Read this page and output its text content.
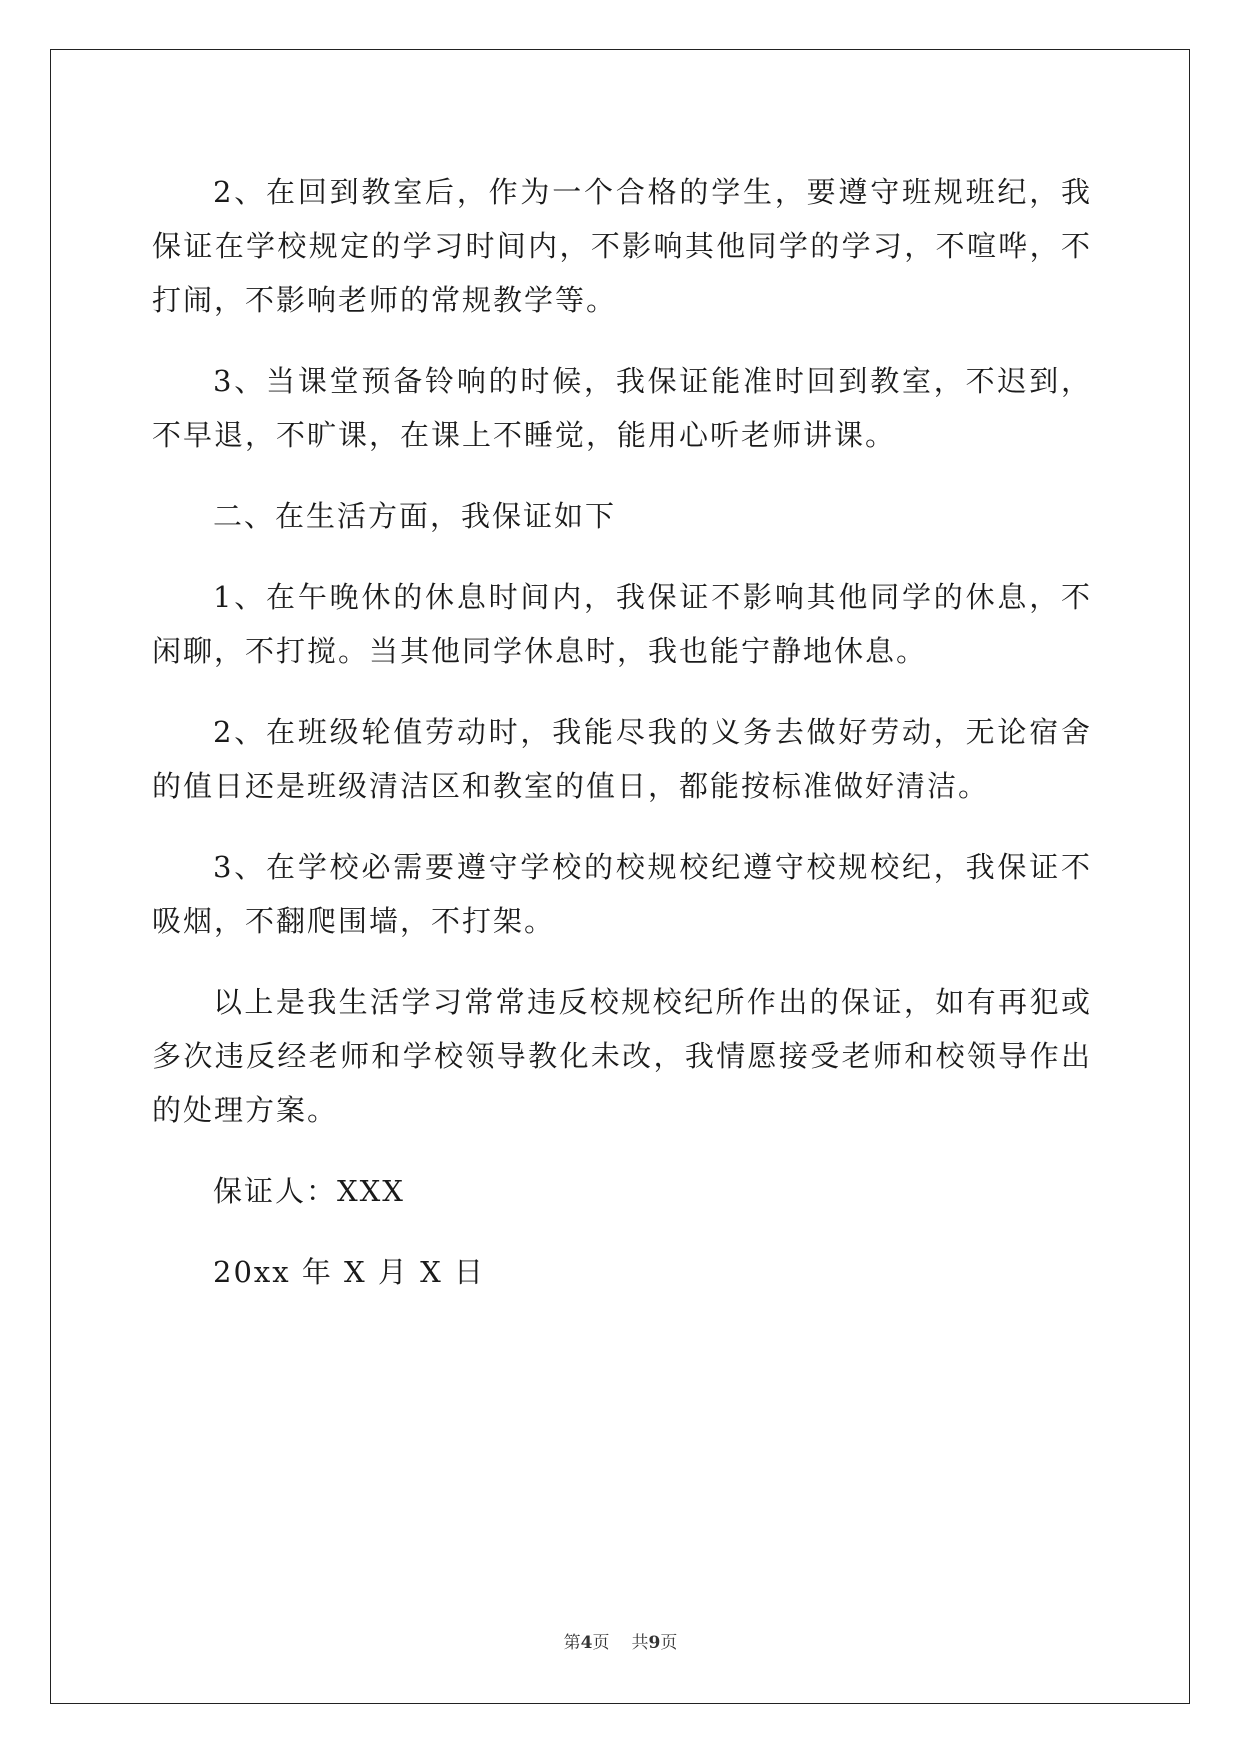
2、在回到教室后，作为一个合格的学生，要遵守班规班纪，我保证在学校规定的学习时间内，不影响其他同学的学习，不喧哗，不打闹，不影响老师的常规教学等。

3、当课堂预备铃响的时候，我保证能准时回到教室，不迟到，不早退，不旷课，在课上不睡觉，能用心听老师讲课。

二、在生活方面，我保证如下

1、在午晚休的休息时间内，我保证不影响其他同学的休息，不闲聊，不打搅。当其他同学休息时，我也能宁静地休息。

2、在班级轮值劳动时，我能尽我的义务去做好劳动，无论宿舍的值日还是班级清洁区和教室的值日，都能按标准做好清洁。

3、在学校必需要遵守学校的校规校纪遵守校规校纪，我保证不吸烟，不翻爬围墙，不打架。

以上是我生活学习常常违反校规校纪所作出的保证，如有再犯或多次违反经老师和学校领导教化未改，我情愿接受老师和校领导作出的处理方案。

保证人：XXX

20xx 年 X 月 X 日

第4页 共9页
